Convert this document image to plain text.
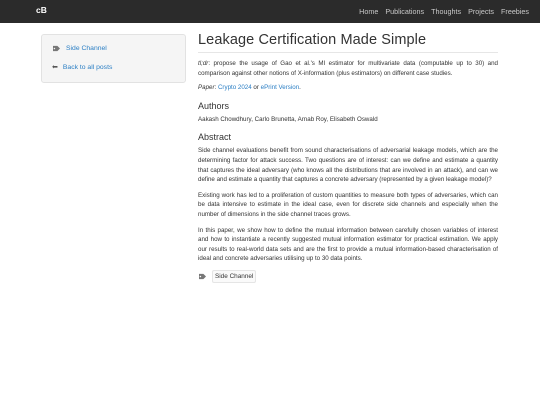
cB	Home Publications Thoughts Projects Freebies
Side Channel
⬅ Back to all posts
Leakage Certification Made Simple

tl;dr: propose the usage of Gao et al.'s MI estimator for multivariate data (computable up to 30) and comparison against other notions of X-information (plus estimators) on different case studies.

Paper: Crypto 2024 or ePrint Version.

Authors
Aakash Chowdhury, Carlo Brunetta, Arnab Roy, Elisabeth Oswald
Abstract

Side channel evaluations benefit from sound characterisations of adversarial leakage models, which are the determining factor for attack success. Two questions are of interest: can we define and estimate a quantity that captures the ideal adversary (who knows all the distributions that are involved in an attack), and can we define and estimate a quantity that captures a concrete adversary (represented by a given leakage model)?

Existing work has led to a proliferation of custom quantities to measure both types of adversaries, which can be data intensive to estimate in the ideal case, even for discrete side channels and especially when the number of dimensions in the side channel traces grows.

In this paper, we show how to define the mutual information between carefully chosen variables of interest and how to instantiate a recently suggested mutual information estimator for practical estimation. We apply our results to real-world data sets and are the first to provide a mutual information-based characterisation of ideal and concrete adversaries utilising up to 30 data points.

Side Channel
